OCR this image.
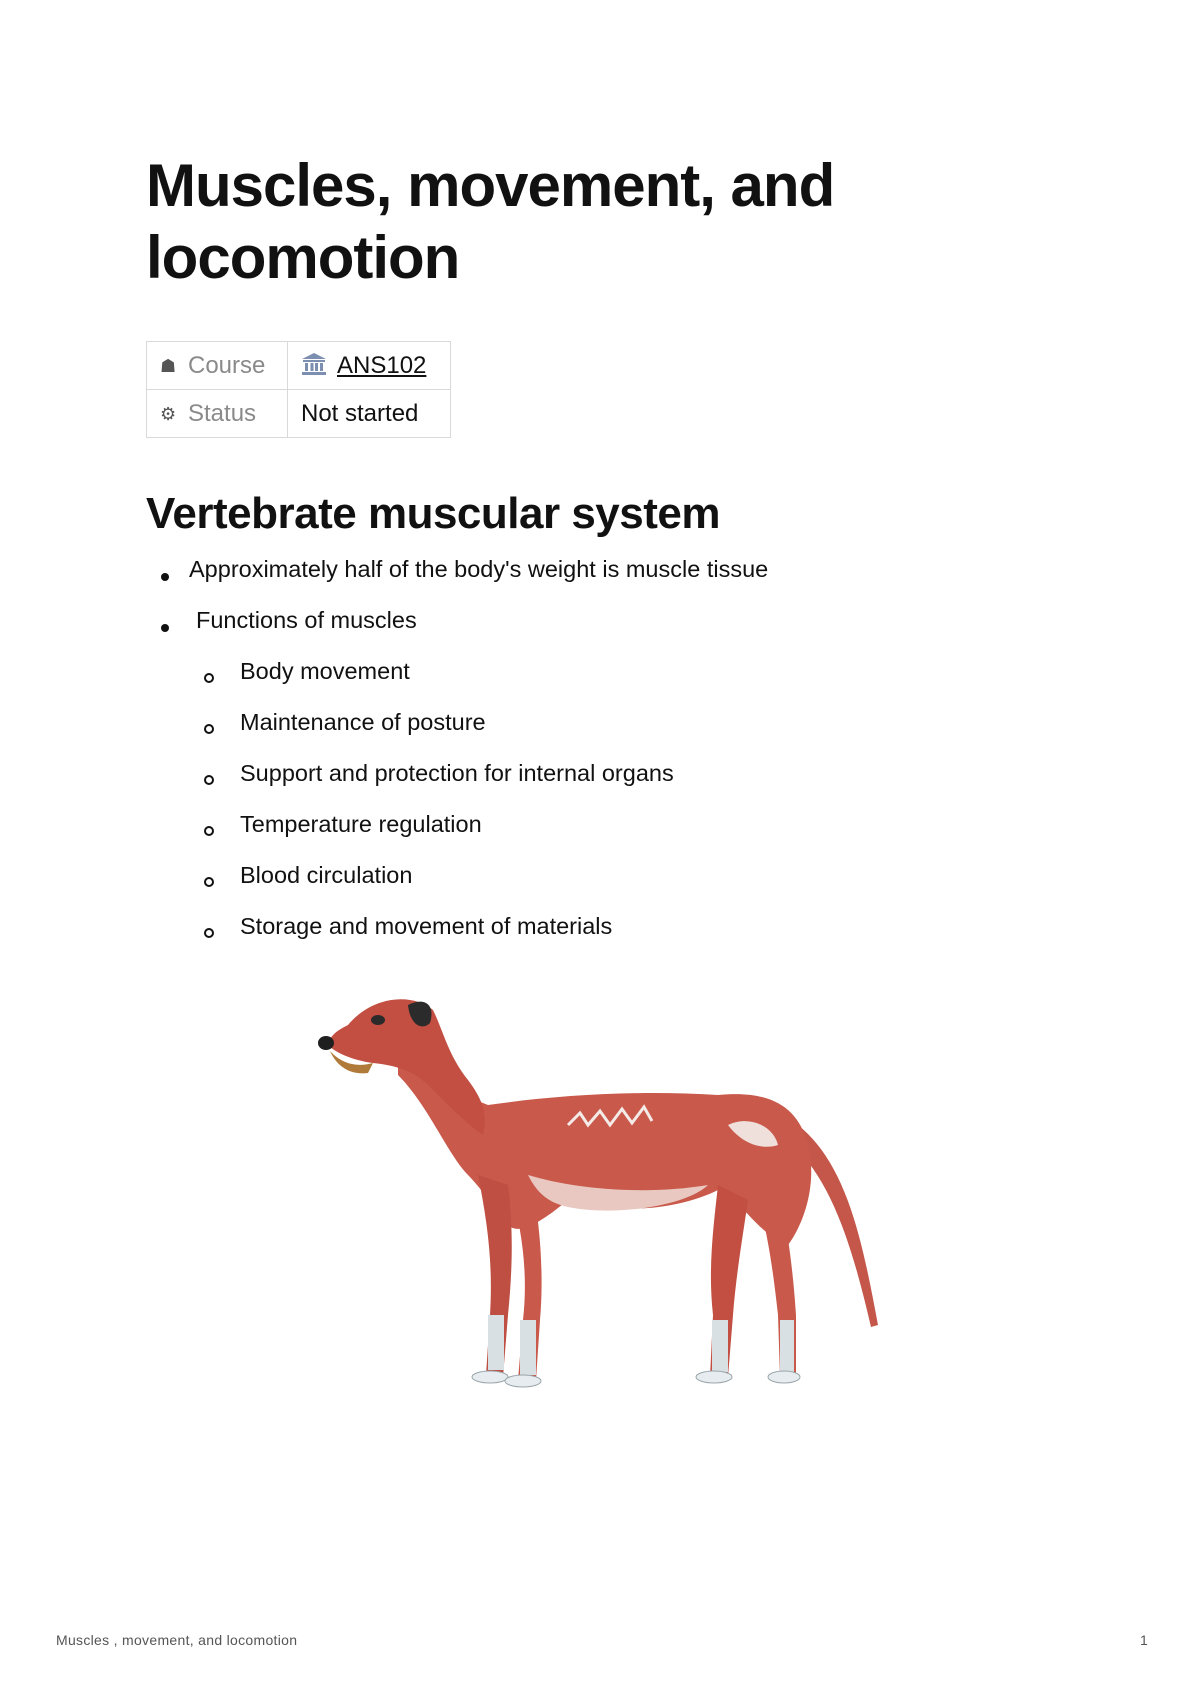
Muscles, movement, and locomotion
☗ Course	ANS102
⚙ Status	Not started
Vertebrate muscular system
Approximately half of the body's weight is muscle tissue
Functions of muscles
Body movement
Maintenance of posture
Support and protection for internal organs
Temperature regulation
Blood circulation
Storage and movement of materials
Muscles , movement, and locomotion	1
